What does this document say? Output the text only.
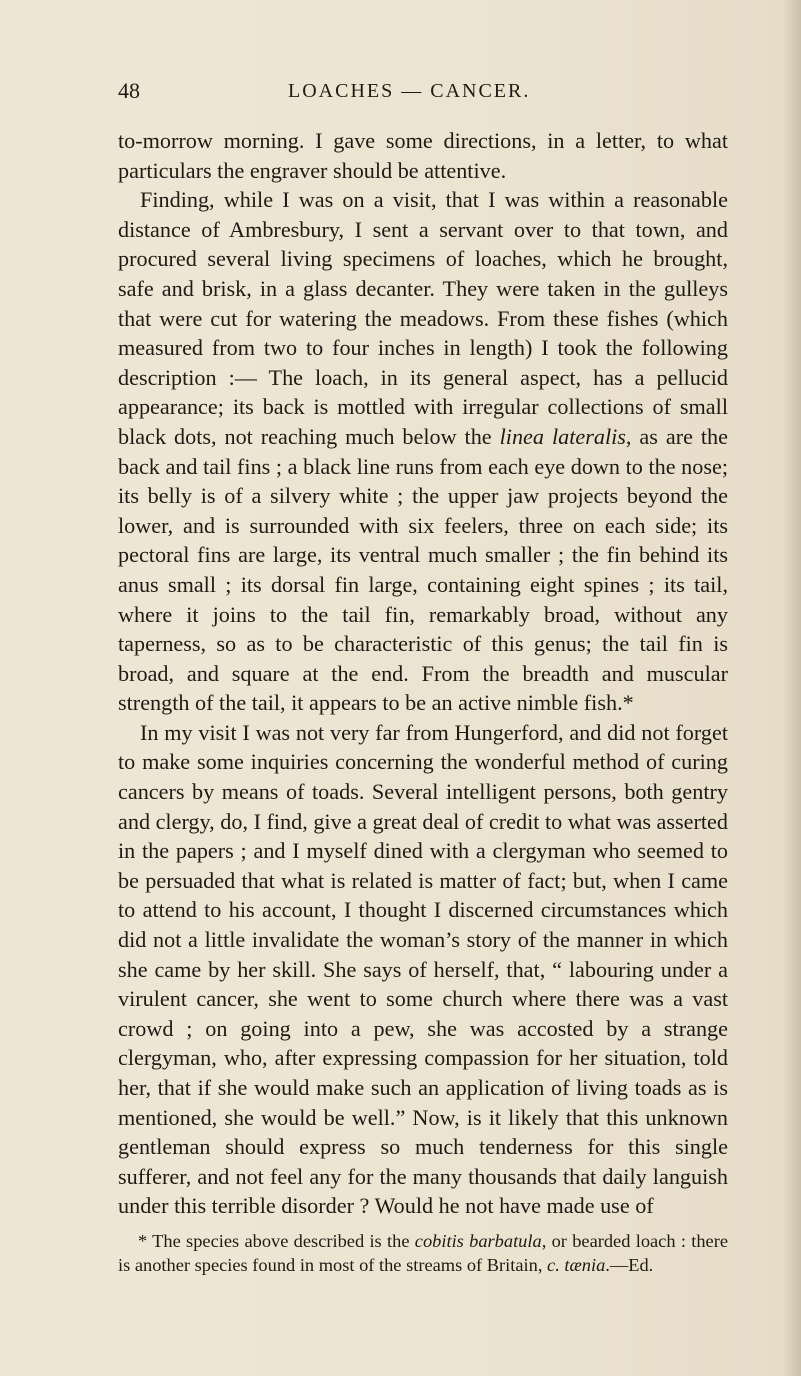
48	LOACHES — CANCER.

to-morrow morning. I gave some directions, in a letter, to what particulars the engraver should be attentive.

Finding, while I was on a visit, that I was within a reasonable distance of Ambresbury, I sent a servant over to that town, and procured several living specimens of loaches, which he brought, safe and brisk, in a glass decanter. They were taken in the gulleys that were cut for watering the meadows. From these fishes (which measured from two to four inches in length) I took the following description :— The loach, in its general aspect, has a pellucid appearance; its back is mottled with irregular collections of small black dots, not reaching much below the linea lateralis, as are the back and tail fins ; a black line runs from each eye down to the nose; its belly is of a silvery white ; the upper jaw projects beyond the lower, and is surrounded with six feelers, three on each side; its pectoral fins are large, its ventral much smaller ; the fin behind its anus small ; its dorsal fin large, containing eight spines ; its tail, where it joins to the tail fin, remarkably broad, without any taperness, so as to be characteristic of this genus; the tail fin is broad, and square at the end. From the breadth and muscular strength of the tail, it appears to be an active nimble fish.*

In my visit I was not very far from Hungerford, and did not forget to make some inquiries concerning the wonderful method of curing cancers by means of toads. Several intelligent persons, both gentry and clergy, do, I find, give a great deal of credit to what was asserted in the papers ; and I myself dined with a clergyman who seemed to be persuaded that what is related is matter of fact; but, when I came to attend to his account, I thought I discerned circumstances which did not a little invalidate the woman’s story of the manner in which she came by her skill. She says of herself, that, “ labouring under a virulent cancer, she went to some church where there was a vast crowd ; on going into a pew, she was accosted by a strange clergyman, who, after expressing compassion for her situation, told her, that if she would make such an application of living toads as is mentioned, she would be well.” Now, is it likely that this unknown gentleman should express so much tenderness for this single sufferer, and not feel any for the many thousands that daily languish under this terrible disorder ? Would he not have made use of

* The species above described is the cobitis barbatula, or bearded loach : there is another species found in most of the streams of Britain, c. tænia.—Ed.
